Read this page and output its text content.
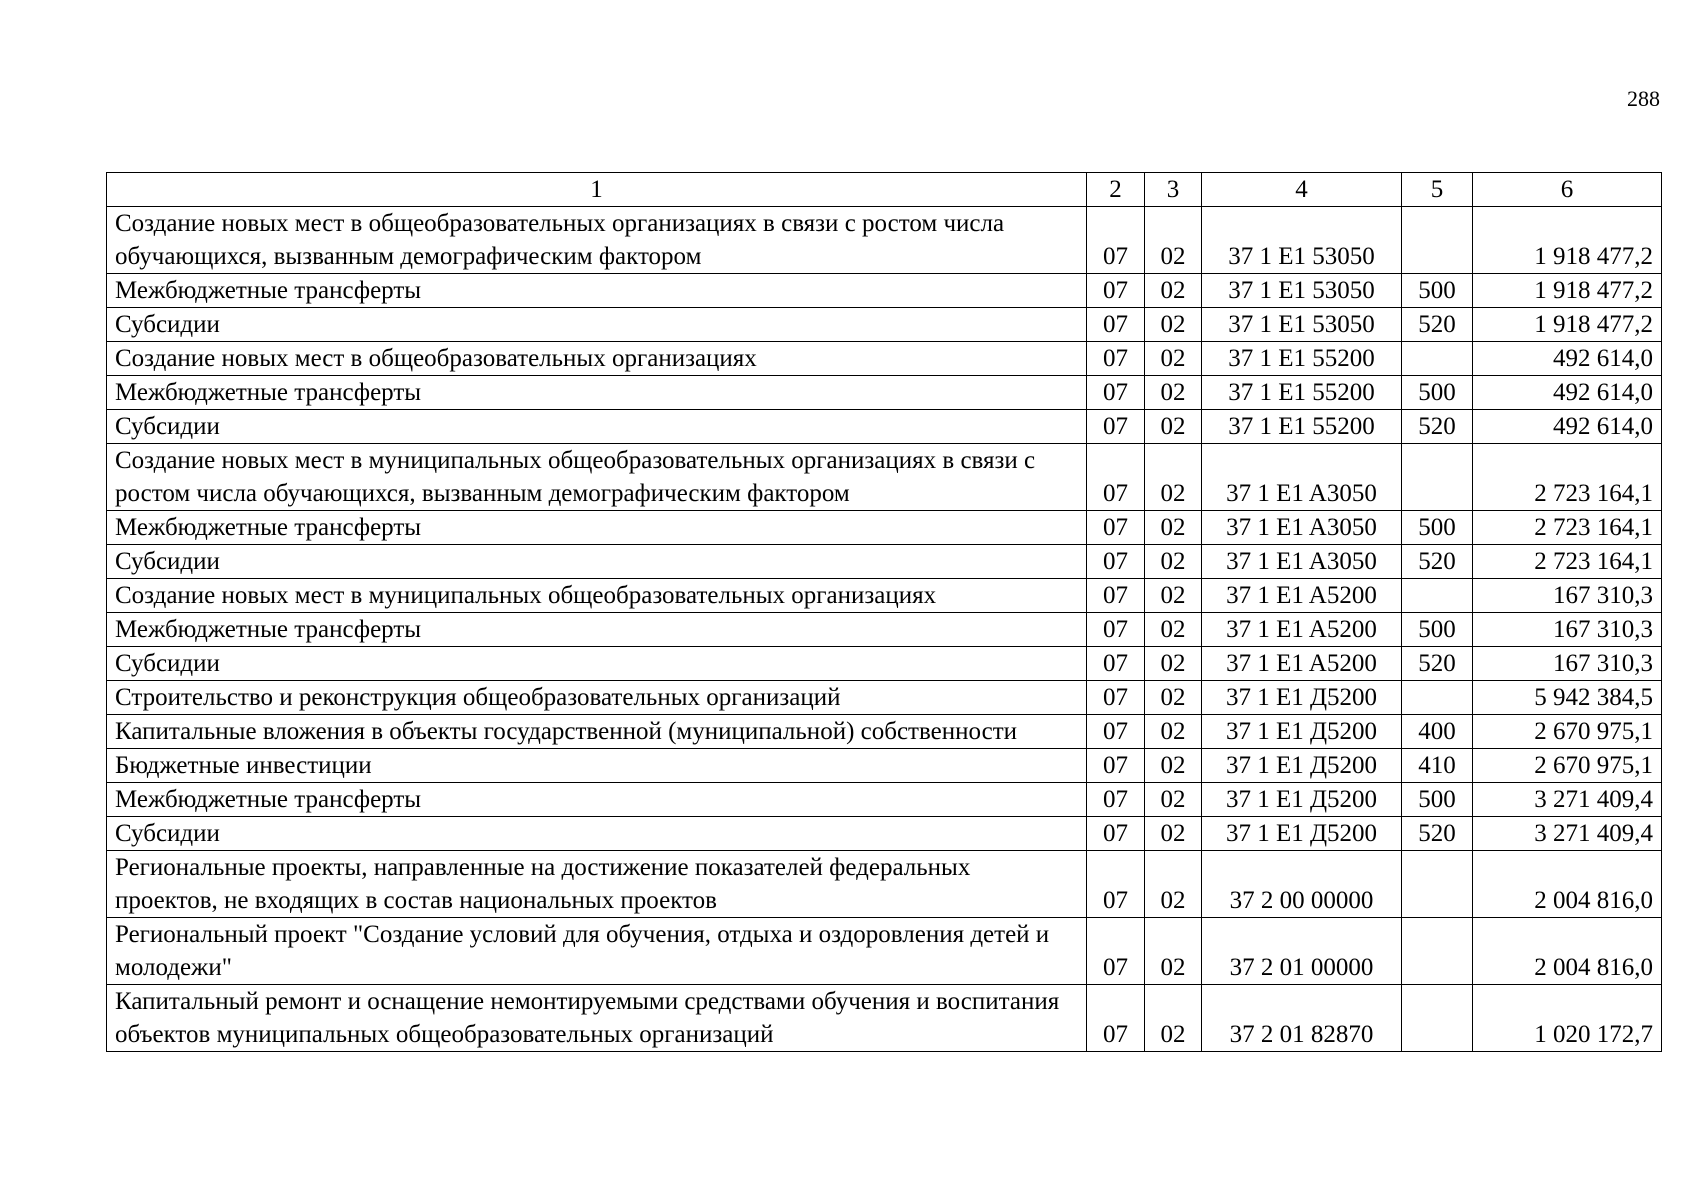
288
1	2	3	4	5	6
Создание новых мест в общеобразовательных организациях в связи с ростом числа обучающихся, вызванным демографическим фактором	07	02	37 1 E1 53050		1 918 477,2
Межбюджетные трансферты	07	02	37 1 E1 53050	500	1 918 477,2
Субсидии	07	02	37 1 E1 53050	520	1 918 477,2
Создание новых мест в общеобразовательных организациях	07	02	37 1 E1 55200		492 614,0
Межбюджетные трансферты	07	02	37 1 E1 55200	500	492 614,0
Субсидии	07	02	37 1 E1 55200	520	492 614,0
Создание новых мест в муниципальных общеобразовательных организациях в связи с ростом числа обучающихся, вызванным демографическим фактором	07	02	37 1 E1 A3050		2 723 164,1
Межбюджетные трансферты	07	02	37 1 E1 A3050	500	2 723 164,1
Субсидии	07	02	37 1 E1 A3050	520	2 723 164,1
Создание новых мест в муниципальных общеобразовательных организациях	07	02	37 1 E1 A5200		167 310,3
Межбюджетные трансферты	07	02	37 1 E1 A5200	500	167 310,3
Субсидии	07	02	37 1 E1 A5200	520	167 310,3
Строительство и реконструкция общеобразовательных организаций	07	02	37 1 E1 Д5200		5 942 384,5
Капитальные вложения в объекты государственной (муниципальной) собственности	07	02	37 1 E1 Д5200	400	2 670 975,1
Бюджетные инвестиции	07	02	37 1 E1 Д5200	410	2 670 975,1
Межбюджетные трансферты	07	02	37 1 E1 Д5200	500	3 271 409,4
Субсидии	07	02	37 1 E1 Д5200	520	3 271 409,4
Региональные проекты, направленные на достижение показателей федеральных проектов, не входящих в состав национальных проектов	07	02	37 2 00 00000		2 004 816,0
Региональный проект "Создание условий для обучения, отдыха и оздоровления детей и молодежи"	07	02	37 2 01 00000		2 004 816,0
Капитальный ремонт и оснащение немонтируемыми средствами обучения и воспитания объектов муниципальных общеобразовательных организаций	07	02	37 2 01 82870		1 020 172,7
